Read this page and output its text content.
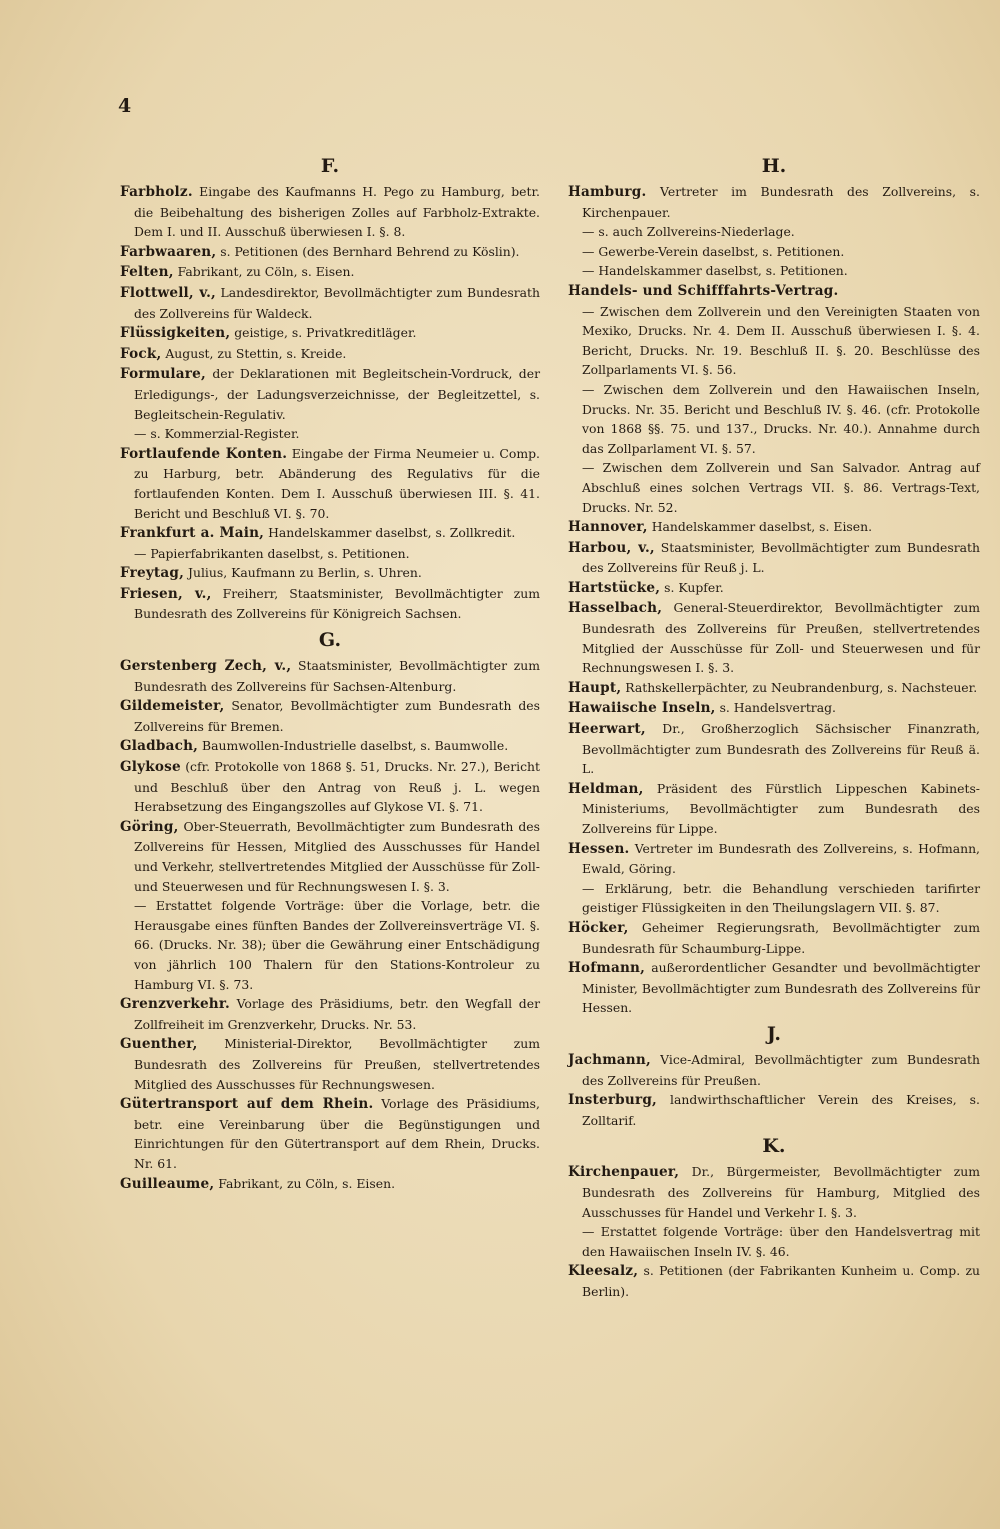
4
F.

Farbholz. Eingabe des Kaufmanns H. Pego zu Hamburg, betr. die Beibehaltung des bisherigen Zolles auf Farbholz-Extrakte. Dem I. und II. Ausschuß überwiesen I. §. 8.

Farbwaaren, s. Petitionen (des Bernhard Behrend zu Köslin).

Felten, Fabrikant, zu Cöln, s. Eisen.

Flottwell, v., Landesdirektor, Bevollmächtigter zum Bundesrath des Zollvereins für Waldeck.

Flüssigkeiten, geistige, s. Privatkreditläger.

Fock, August, zu Stettin, s. Kreide.

Formulare, der Deklarationen mit Begleitschein-Vordruck, der Erledigungs-, der Ladungsverzeichnisse, der Begleitzettel, s. Begleitschein-Regulativ.

— s. Kommerzial-Register.

Fortlaufende Konten. Eingabe der Firma Neumeier u. Comp. zu Harburg, betr. Abänderung des Regulativs für die fortlaufenden Konten. Dem I. Ausschuß überwiesen III. §. 41. Bericht und Beschluß VI. §. 70.

Frankfurt a. Main, Handelskammer daselbst, s. Zollkredit.

— Papierfabrikanten daselbst, s. Petitionen.

Freytag, Julius, Kaufmann zu Berlin, s. Uhren.

Friesen, v., Freiherr, Staatsminister, Bevollmächtigter zum Bundesrath des Zollvereins für Königreich Sachsen.

G.

Gerstenberg Zech, v., Staatsminister, Bevollmächtigter zum Bundesrath des Zollvereins für Sachsen-Altenburg.

Gildemeister, Senator, Bevollmächtigter zum Bundesrath des Zollvereins für Bremen.

Gladbach, Baumwollen-Industrielle daselbst, s. Baumwolle.

Glykose (cfr. Protokolle von 1868 §. 51, Drucks. Nr. 27.), Bericht und Beschluß über den Antrag von Reuß j. L. wegen Herabsetzung des Eingangszolles auf Glykose VI. §. 71.

Göring, Ober-Steuerrath, Bevollmächtigter zum Bundesrath des Zollvereins für Hessen, Mitglied des Ausschusses für Handel und Verkehr, stellvertretendes Mitglied der Ausschüsse für Zoll- und Steuerwesen und für Rechnungswesen I. §. 3.

— Erstattet folgende Vorträge: über die Vorlage, betr. die Herausgabe eines fünften Bandes der Zollvereinsverträge VI. §. 66. (Drucks. Nr. 38); über die Gewährung einer Entschädigung von jährlich 100 Thalern für den Stations-Kontroleur zu Hamburg VI. §. 73.

Grenzverkehr. Vorlage des Präsidiums, betr. den Wegfall der Zollfreiheit im Grenzverkehr, Drucks. Nr. 53.

Guenther, Ministerial-Direktor, Bevollmächtigter zum Bundesrath des Zollvereins für Preußen, stellvertretendes Mitglied des Ausschusses für Rechnungswesen.

Gütertransport auf dem Rhein. Vorlage des Präsidiums, betr. eine Vereinbarung über die Begünstigungen und Einrichtungen für den Gütertransport auf dem Rhein, Drucks. Nr. 61.

Guilleaume, Fabrikant, zu Cöln, s. Eisen.

H.

Hamburg. Vertreter im Bundesrath des Zollvereins, s. Kirchenpauer.

— s. auch Zollvereins-Niederlage.

— Gewerbe-Verein daselbst, s. Petitionen.

— Handelskammer daselbst, s. Petitionen.

Handels- und Schifffahrts-Vertrag.

— Zwischen dem Zollverein und den Vereinigten Staaten von Mexiko, Drucks. Nr. 4. Dem II. Ausschuß überwiesen I. §. 4. Bericht, Drucks. Nr. 19. Beschluß II. §. 20. Beschlüsse des Zollparlaments VI. §. 56.

— Zwischen dem Zollverein und den Hawaiischen Inseln, Drucks. Nr. 35. Bericht und Beschluß IV. §. 46. (cfr. Protokolle von 1868 §§. 75. und 137., Drucks. Nr. 40.). Annahme durch das Zollparlament VI. §. 57.

— Zwischen dem Zollverein und San Salvador. Antrag auf Abschluß eines solchen Vertrags VII. §. 86. Vertrags-Text, Drucks. Nr. 52.

Hannover, Handelskammer daselbst, s. Eisen.

Harbou, v., Staatsminister, Bevollmächtigter zum Bundesrath des Zollvereins für Reuß j. L.

Hartstücke, s. Kupfer.

Hasselbach, General-Steuerdirektor, Bevollmächtigter zum Bundesrath des Zollvereins für Preußen, stellvertretendes Mitglied der Ausschüsse für Zoll- und Steuerwesen und für Rechnungswesen I. §. 3.

Haupt, Rathskellerpächter, zu Neubrandenburg, s. Nachsteuer.

Hawaiische Inseln, s. Handelsvertrag.

Heerwart, Dr., Großherzoglich Sächsischer Finanzrath, Bevollmächtigter zum Bundesrath des Zollvereins für Reuß ä. L.

Heldman, Präsident des Fürstlich Lippeschen Kabinets-Ministeriums, Bevollmächtigter zum Bundesrath des Zollvereins für Lippe.

Hessen. Vertreter im Bundesrath des Zollvereins, s. Hofmann, Ewald, Göring.

— Erklärung, betr. die Behandlung verschieden tarifirter geistiger Flüssigkeiten in den Theilungslagern VII. §. 87.

Höcker, Geheimer Regierungsrath, Bevollmächtigter zum Bundesrath für Schaumburg-Lippe.

Hofmann, außerordentlicher Gesandter und bevollmächtigter Minister, Bevollmächtigter zum Bundesrath des Zollvereins für Hessen.

J.

Jachmann, Vice-Admiral, Bevollmächtigter zum Bundesrath des Zollvereins für Preußen.

Insterburg, landwirthschaftlicher Verein des Kreises, s. Zolltarif.

K.

Kirchenpauer, Dr., Bürgermeister, Bevollmächtigter zum Bundesrath des Zollvereins für Hamburg, Mitglied des Ausschusses für Handel und Verkehr I. §. 3.

— Erstattet folgende Vorträge: über den Handelsvertrag mit den Hawaiischen Inseln IV. §. 46.

Kleesalz, s. Petitionen (der Fabrikanten Kunheim u. Comp. zu Berlin).
